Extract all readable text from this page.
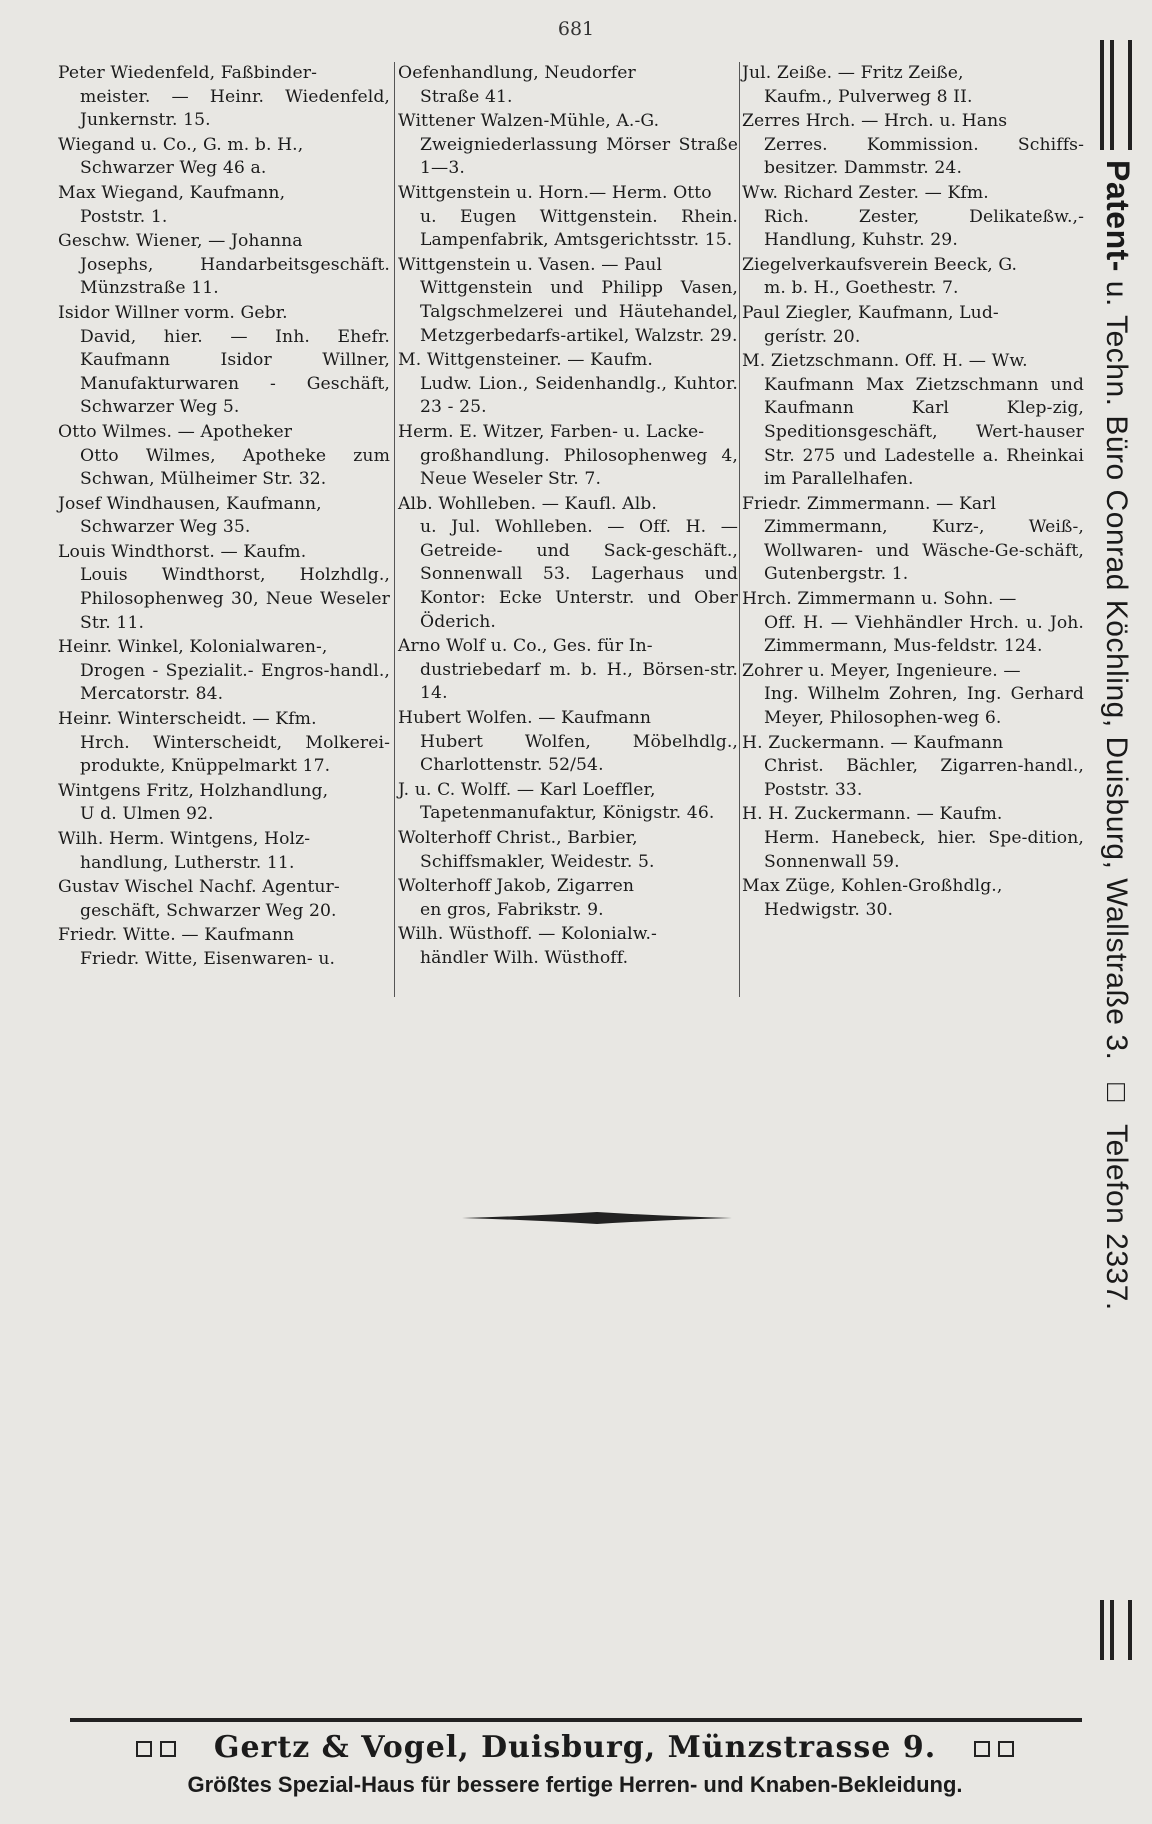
681
Peter Wiedenfeld, Faßbinder-
meister. — Heinr. Wiedenfeld, Junkernstr. 15.
Wiegand u. Co., G. m. b. H.,
Schwarzer Weg 46 a.
Max Wiegand, Kaufmann,
Poststr. 1.
Geschw. Wiener, — Johanna
Josephs, Handarbeitsgeschäft. Münzstraße 11.
Isidor Willner vorm. Gebr.
David, hier. — Inh. Ehefr. Kaufmann Isidor Willner, Manufakturwaren - Geschäft, Schwarzer Weg 5.
Otto Wilmes. — Apotheker
Otto Wilmes, Apotheke zum Schwan, Mülheimer Str. 32.
Josef Windhausen, Kaufmann,
Schwarzer Weg 35.
Louis Windthorst. — Kaufm.
Louis Windthorst, Holzhdlg., Philosophenweg 30, Neue Weseler Str. 11.
Heinr. Winkel, Kolonialwaren-,
Drogen - Spezialit.- Engros-handl., Mercatorstr. 84.
Heinr. Winterscheidt. — Kfm.
Hrch. Winterscheidt, Molkerei-produkte, Knüppelmarkt 17.
Wintgens Fritz, Holzhandlung,
U d. Ulmen 92.
Wilh. Herm. Wintgens, Holz-
handlung, Lutherstr. 11.
Gustav Wischel Nachf. Agentur-
geschäft, Schwarzer Weg 20.
Friedr. Witte. — Kaufmann
Friedr. Witte, Eisenwaren- u.
Oefenhandlung, Neudorfer
Straße 41.
Wittener Walzen-Mühle, A.-G.
Zweigniederlassung Mörser Straße 1—3.
Wittgenstein u. Horn.— Herm. Otto
u. Eugen Wittgenstein. Rhein. Lampenfabrik, Amtsgerichtsstr. 15.
Wittgenstein u. Vasen. — Paul
Wittgenstein und Philipp Vasen, Talgschmelzerei und Häutehandel, Metzgerbedarfs-artikel, Walzstr. 29.
M. Wittgensteiner. — Kaufm.
Ludw. Lion., Seidenhandlg., Kuhtor. 23 - 25.
Herm. E. Witzer, Farben- u. Lacke-
großhandlung. Philosophenweg 4, Neue Weseler Str. 7.
Alb. Wohlleben. — Kaufl. Alb.
u. Jul. Wohlleben. — Off. H. — Getreide- und Sack-geschäft., Sonnenwall 53. Lagerhaus und Kontor: Ecke Unterstr. und Ober Öderich.
Arno Wolf u. Co., Ges. für In-
dustriebedarf m. b. H., Börsen-str. 14.
Hubert Wolfen. — Kaufmann
Hubert Wolfen, Möbelhdlg., Charlottenstr. 52/54.
J. u. C. Wolff. — Karl Loeffler,
Tapetenmanufaktur, Königstr. 46.
Wolterhoff Christ., Barbier,
Schiffsmakler, Weidestr. 5.
Wolterhoff Jakob, Zigarren
en gros, Fabrikstr. 9.
Wilh. Wüsthoff. — Kolonialw.-
händler Wilh. Wüsthoff.
Jul. Zeiße. — Fritz Zeiße,
Kaufm., Pulverweg 8 II.
Zerres Hrch. — Hrch. u. Hans
Zerres. Kommission. Schiffs-besitzer. Dammstr. 24.
Ww. Richard Zester. — Kfm.
Rich. Zester, Delikateßw.,-Handlung, Kuhstr. 29.
Ziegelverkaufsverein Beeck, G.
m. b. H., Goethestr. 7.
Paul Ziegler, Kaufmann, Lud-
gerístr. 20.
M. Zietzschmann. Off. H. — Ww.
Kaufmann Max Zietzschmann und Kaufmann Karl Klep-zig, Speditionsgeschäft, Wert-hauser Str. 275 und Ladestelle a. Rheinkai im Parallelhafen.
Friedr. Zimmermann. — Karl
Zimmermann, Kurz-, Weiß-, Wollwaren- und Wäsche-Ge-schäft, Gutenbergstr. 1.
Hrch. Zimmermann u. Sohn. —
Off. H. — Viehhändler Hrch. u. Joh. Zimmermann, Mus-feldstr. 124.
Zohrer u. Meyer, Ingenieure. —
Ing. Wilhelm Zohren, Ing. Gerhard Meyer, Philosophen-weg 6.
H. Zuckermann. — Kaufmann
Christ. Bächler, Zigarren-handl., Poststr. 33.
H. H. Zuckermann. — Kaufm.
Herm. Hanebeck, hier. Spe-dition, Sonnenwall 59.
Max Züge, Kohlen-Großhdlg.,
Hedwigstr. 30.
Patent- u. Techn. Büro Conrad Köchling, Duisburg, Wallstraße 3. □ Telefon 2337.
Gertz & Vogel, Duisburg, Münzstrasse 9.
Größtes Spezial-Haus für bessere fertige Herren- und Knaben-Bekleidung.
